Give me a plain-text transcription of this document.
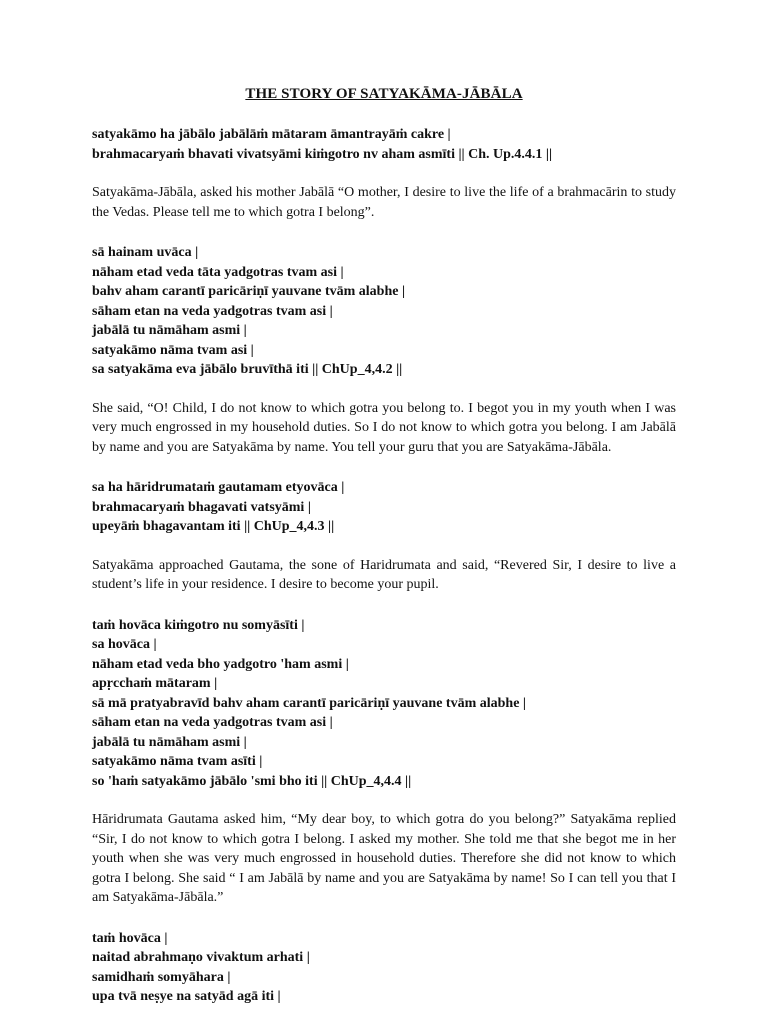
THE STORY OF SATYAKĀMA-JĀBĀLA
satyakāmo ha jābālo jabālāṁ mātaram āmantrayāṁ cakre |
brahmacaryaṁ bhavati vivatsyāmi kiṁgotro nv aham asmīti || Ch. Up.4.4.1 ||

Satyakāma-Jābāla, asked his mother Jabālā “O mother, I desire to live the life of a brahmacārin to study the Vedas. Please tell me to which gotra I belong”.

sā hainam uvāca |
nāham etad veda tāta yadgotras tvam asi |
bahv aham carantī paricāriṇī yauvane tvām alabhe |
sāham etan na veda yadgotras tvam asi |
jabālā tu nāmāham asmi |
satyakāmo nāma tvam asi |
sa satyakāma eva jābālo bruvīthā iti || ChUp_4,4.2 ||

She said, “O! Child, I do not know to which gotra you belong to. I begot you in my youth when I was very much engrossed in my household duties. So I do not know to which gotra you belong. I am Jabālā by name and you are Satyakāma by name. You tell your guru that you are Satyakāma-Jābāla.

sa ha hāridrumataṁ gautamam etyovāca |
brahmacaryaṁ bhagavati vatsyāmi |
upeyāṁ bhagavantam iti || ChUp_4,4.3 ||

Satyakāma approached Gautama, the sone of Haridrumata and said, “Revered Sir, I desire to live a student’s life in your residence. I desire to become your pupil.

taṁ hovāca kiṁgotro nu somyāsīti |
sa hovāca |
nāham etad veda bho yadgotro 'ham asmi |
apṛcchaṁ mātaram |
sā mā pratyabravīd bahv aham carantī paricāriṇī yauvane tvām alabhe |
sāham etan na veda yadgotras tvam asi |
jabālā tu nāmāham asmi |
satyakāmo nāma tvam asīti |
so 'haṁ satyakāmo jābālo 'smi bho iti || ChUp_4,4.4 ||

Hāridrumata Gautama asked him, “My dear boy, to which gotra do you belong?” Satyakāma replied “Sir, I do not know to which gotra I belong. I asked my mother. She told me that she begot me in her youth when she was very much engrossed in household duties. Therefore she did not know to which gotra I belong. She said “ I am Jabālā by name and you are Satyakāma by name! So I can tell you that I am Satyakāma-Jābāla.”

taṁ hovāca |
naitad abrahmaṇo vivaktum arhati |
samidhaṁ somyāhara |
upa tvā neṣye na satyād agā iti |
